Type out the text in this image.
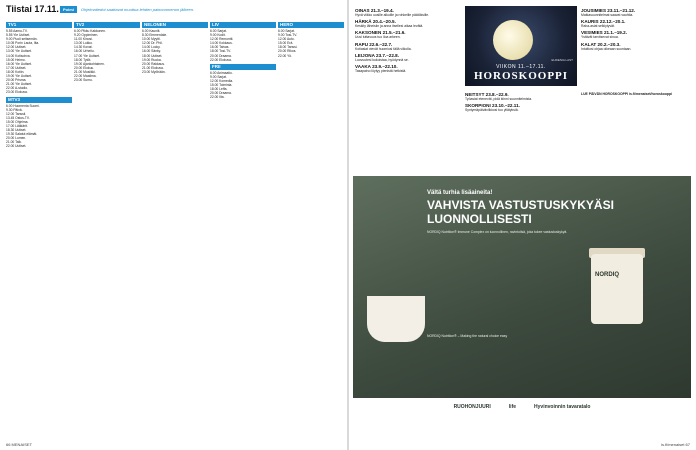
Tiistai 17.11.	Poimi	Ohjelmatiedot saattavat muuttua lehden painoonmenon jälkeen.
TV1
5.55 Aamu-TV.
5.55 Yle Uutiset.
9.00 Puoli seitsemän.
10.05 Porin Lauta, Ilta.
12.00 Uutiset.
13.00 Yle Uutiset.
14.00 Kotisohva.
15.00 Heimo.
16.00 Yle Uutiset.
17.00 Uutiset.
18.00 Kotiin.
19.00 Yle Uutiset.
20.00 Prisma.
21.00 Yle Uutiset.
22.00 A-studio.
23.00 Elokuva.
MTV3
6.00 Huomenta Suomi.
9.30 Päivä.
12.00 Tanssii.
13.45 Ostos-TV.
15.00 Ohjelma.
17.00 Lääkärit.
18.30 Uutiset.
19.30 Salatut elämät.
20.00 Lumen.
21.00 Talk.
22.00 Uutiset.
TV2
6.00 Pikku Kakkonen.
9.20 Oppiminen.
11.00 Kinosi.
13.00 Lukko.
14.30 Kovat.
16.00 Urheilu.
17.00 Yle Uutiset.
18.00 Tytöt.
19.00 Ajankohtainen.
20.00 Elokuu.
21.00 Musiikki.
22.00 Maailma.
23.00 Sumu.
NELONEN
6.00 Kauniit.
8.30 Emmerdale.
10.00 Myytti.
12.00 Dr. Phil.
14.00 Lucky.
16.00 Sänky.
18.00 Uutiset.
19.00 Ruoka.
20.00 Rakkaus.
21.00 Elokuva.
23.00 Myöhään.
LIV
6.00 Sarjat.
9.00 Kodit.
12.00 Remontti.
14.00 Kokkaus.
16.00 Taivas.
18.00 Tosi-TV.
20.00 Draama.
22.00 Elokuva.
FRII
6.00 Animaatio.
9.00 Sarjat.
12.00 Komedia.
15.00 Toiminta.
18.00 Leffa.
20.00 Draama.
22.00 Ilta.
HERO
6.00 Sarjat.
9.00 Tosi-TV.
12.00 Auto.
15.00 Erä.
18.00 Tanssi.
20.00 Rikos.
22.00 Yö.
66 MENAISET
OINAS 21.3.–19.4.
Hyvä viikko uusille alkuille ja rohkeille päätöksille.
HÄRKÄ 20.4.–20.5.
Keskity läheisiin ja anna itsellesi aikaa levätä.
KAKSONEN 21.5.–21.6.
Uusi tuttavuus tuo iloa arkeen.
RAPU 22.6.–22.7.
Kotiasiat vievät huomiosi tällä viikolla.
LEIJONA 23.7.–22.8.
Luovuutesi kukoistaa, hyödynnä se.
VAAKA 23.9.–22.10.
Tasapaino löytyy pienistä hetkistä.
VIIKON 11.–17.11.
HOROSKOOPPI
EUDENIA LAST
JOUSIMIES 23.11.–21.12.
Matkasuunnitelmat saavat vauhtia.
KAURIS 22.12.–20.1.
Raha-asiat selkiytyvät.
VESIMIES 21.1.–19.2.
Ystävät tarvitsevat sinua.
KALAT 20.2.–20.3.
Intuitiosi ohjaa oikeaan suuntaan.
NEITSYT 23.8.–22.9.
Työasiat etenevät, pidä kiinni suunnitelmista.
SKORPIONI 23.10.–22.11.
Syntymäpäiväviikkosi tuo yllätyksiä.
LUE PÄIVÄN HOROSKOOPPI is.fi/menaiset/horoskooppi
Vältä turhia lisäaineita!
VAHVISTA VASTUSTUSKYKYÄSI LUONNOLLISESTI
NORDIQ Nutrition® Immune Complex on luonnollinen, ravintolisä, joka tukee vastustuskykyä.
NORDIQ
NORDIQ Nutrition® – Making the natural choice easy
RUOHONJUURI	life	Hyvinvoinnin tavaratalo
is.fi/menaiset 67
